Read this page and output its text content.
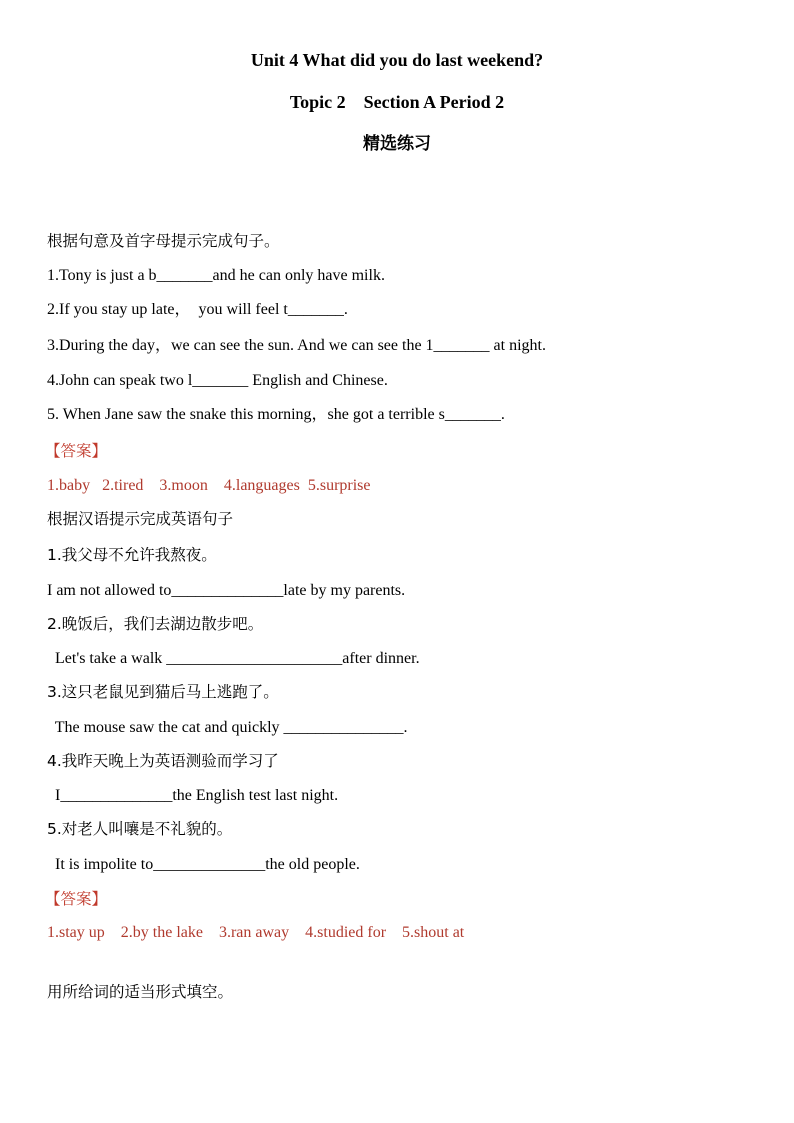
Unit 4 What did you do last weekend?
Topic 2    Section A Period 2
精选练习
根据句意及首字母提示完成句子。
1.Tony is just a b_______and he can only have milk.
2.If you stay up late，  you will feel t_______.
3.During the day，we can see the sun. And we can see the 1_______ at night.
4.John can speak two l_______ English and Chinese.
5. When Jane saw the snake this morning，she got a terrible s_______.
【答案】
1.baby   2.tired    3.moon    4.languages  5.surprise
根据汉语提示完成英语句子
1.我父母不允许我熬夜。
I am not allowed to______________late by my parents.
2.晚饭后，我们去湖边散步吧。
Let's take a walk ______________________after dinner.
3.这只老鼠见到猫后马上逃跑了。
The mouse saw the cat and quickly _______________.
4.我昨天晚上为英语测验而学习了
I______________the English test last night.
5.对老人叫嚷是不礼貌的。
It is impolite to______________the old people.
【答案】
1.stay up    2.by the lake    3.ran away    4.studied for    5.shout at
用所给词的适当形式填空。
